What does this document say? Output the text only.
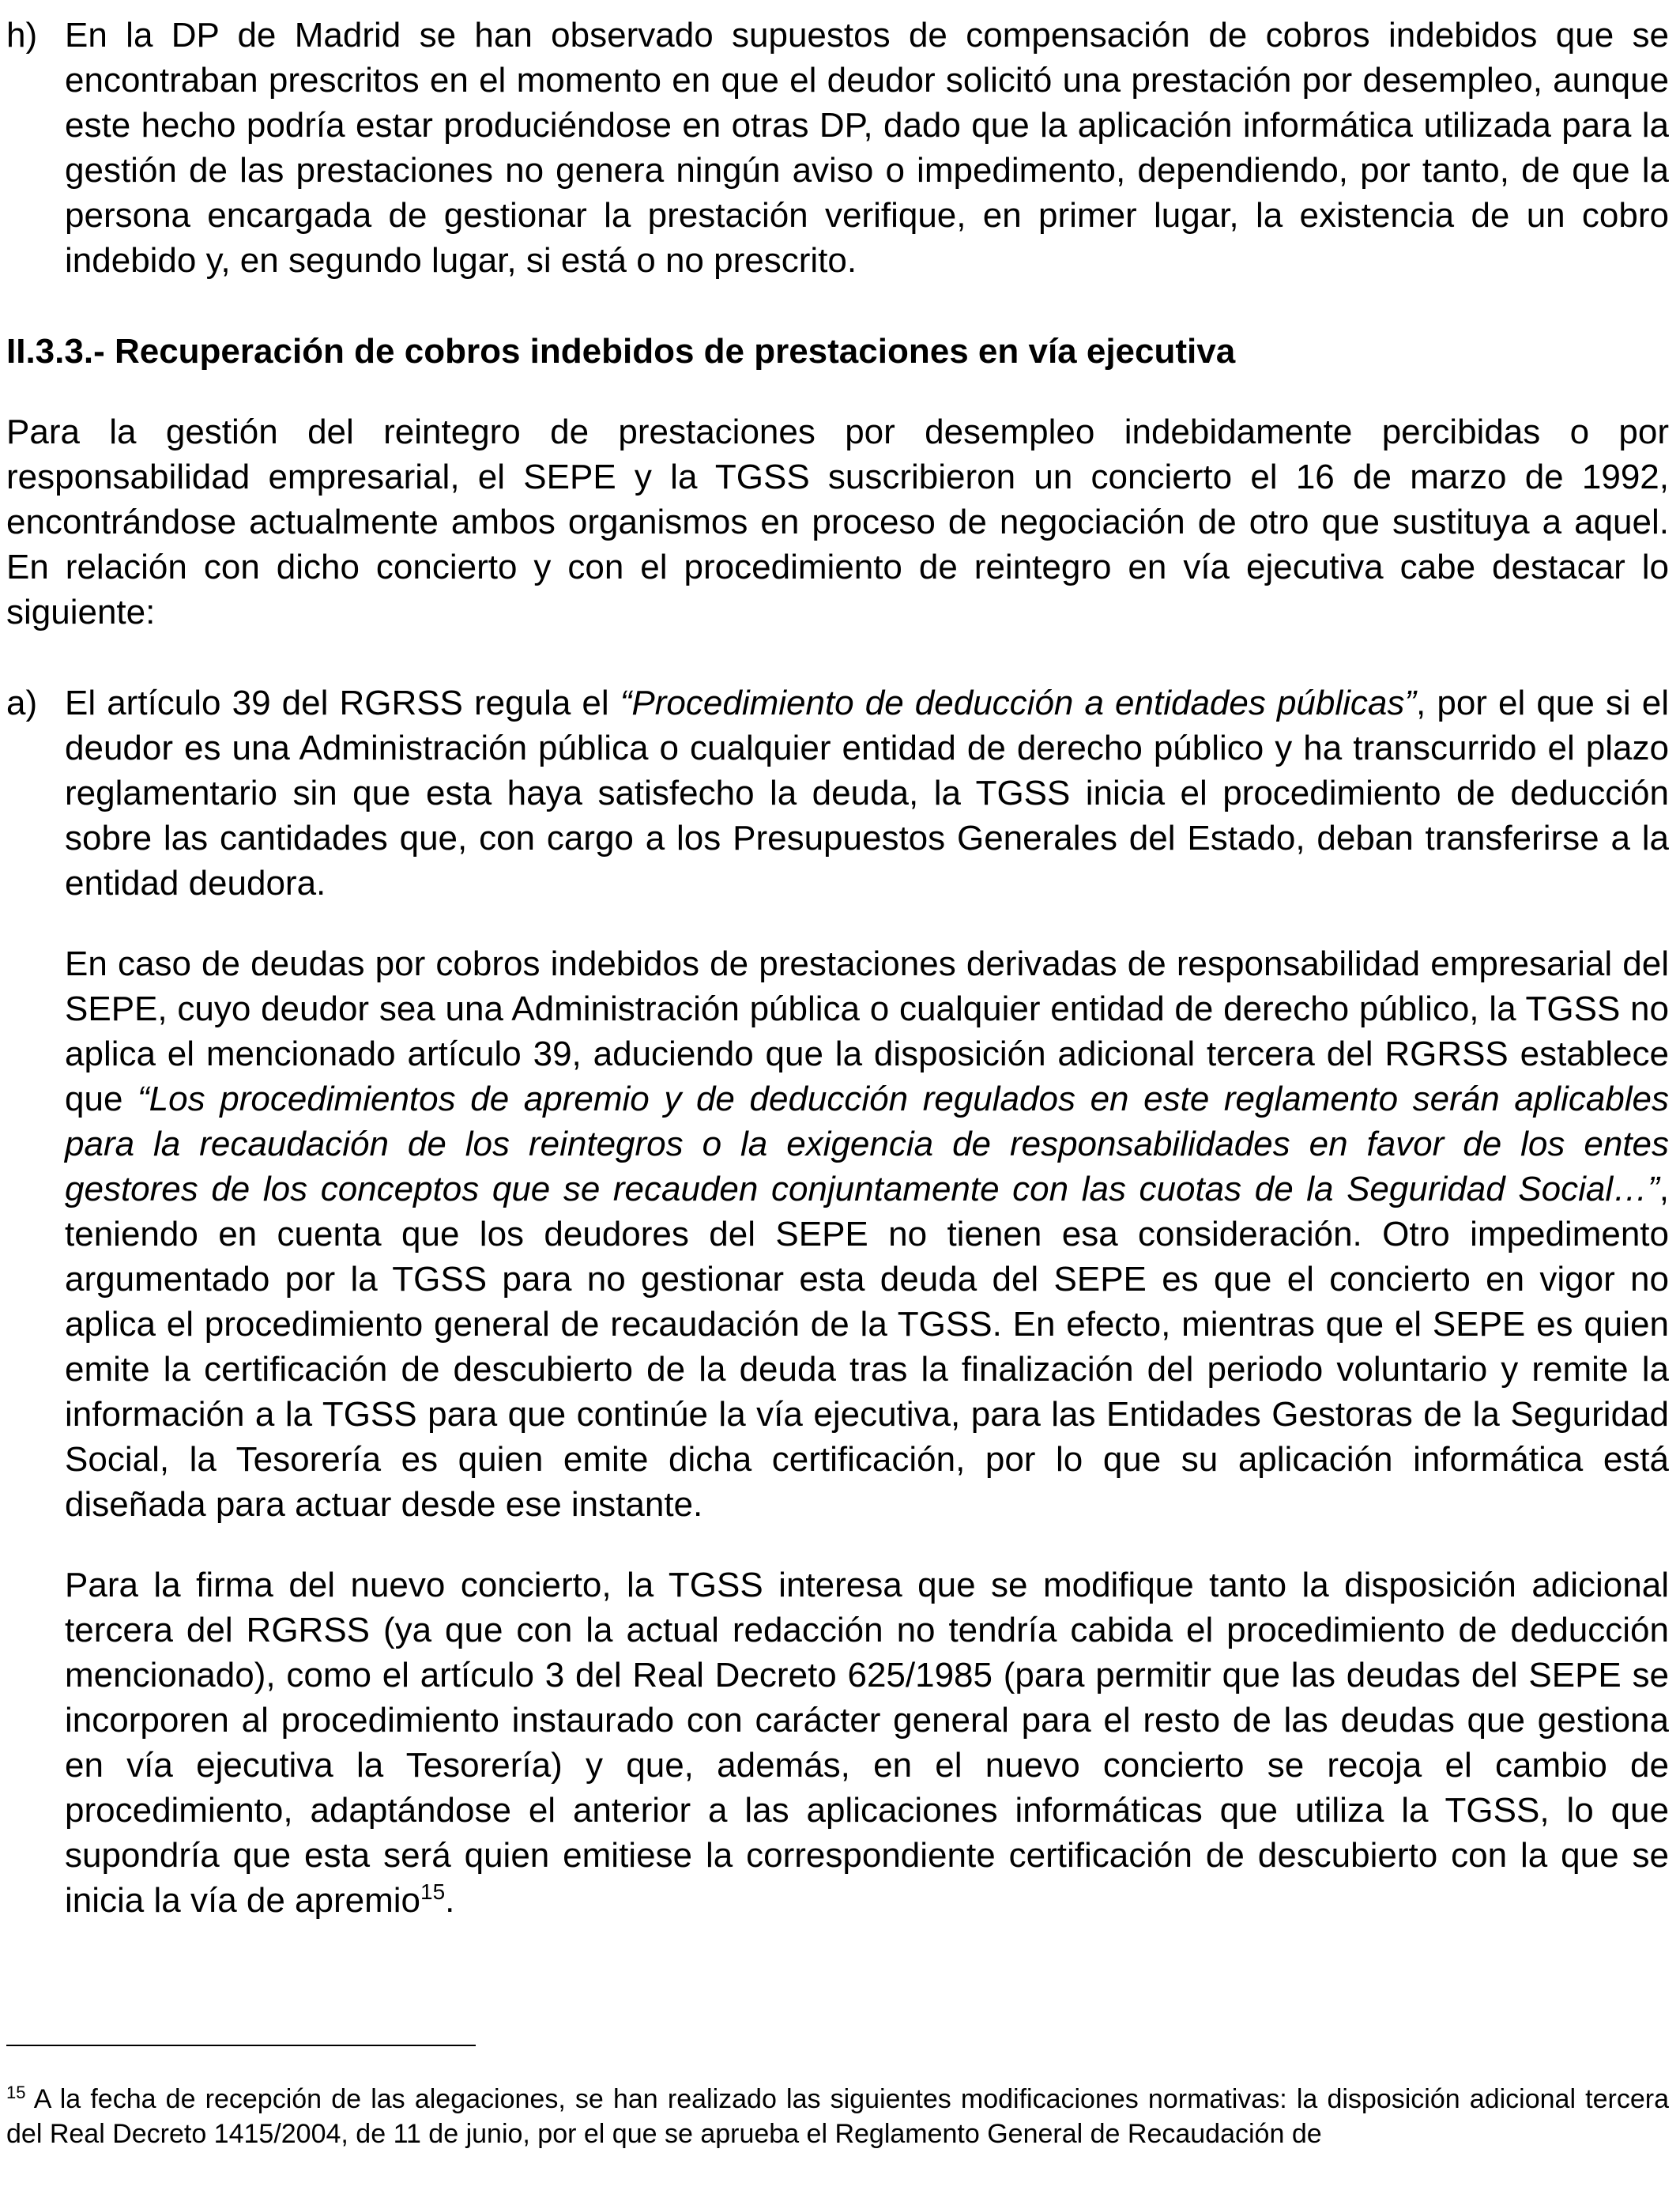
h) En la DP de Madrid se han observado supuestos de compensación de cobros indebidos que se encontraban prescritos en el momento en que el deudor solicitó una prestación por desempleo, aunque este hecho podría estar produciéndose en otras DP, dado que la aplicación informática utilizada para la gestión de las prestaciones no genera ningún aviso o impedimento, dependiendo, por tanto, de que la persona encargada de gestionar la prestación verifique, en primer lugar, la existencia de un cobro indebido y, en segundo lugar, si está o no prescrito.
II.3.3.- Recuperación de cobros indebidos de prestaciones en vía ejecutiva

Para la gestión del reintegro de prestaciones por desempleo indebidamente percibidas o por responsabilidad empresarial, el SEPE y la TGSS suscribieron un concierto el 16 de marzo de 1992, encontrándose actualmente ambos organismos en proceso de negociación de otro que sustituya a aquel. En relación con dicho concierto y con el procedimiento de reintegro en vía ejecutiva cabe destacar lo siguiente:

a) El artículo 39 del RGRSS regula el “Procedimiento de deducción a entidades públicas”, por el que si el deudor es una Administración pública o cualquier entidad de derecho público y ha transcurrido el plazo reglamentario sin que esta haya satisfecho la deuda, la TGSS inicia el procedimiento de deducción sobre las cantidades que, con cargo a los Presupuestos Generales del Estado, deban transferirse a la entidad deudora.

En caso de deudas por cobros indebidos de prestaciones derivadas de responsabilidad empresarial del SEPE, cuyo deudor sea una Administración pública o cualquier entidad de derecho público, la TGSS no aplica el mencionado artículo 39, aduciendo que la disposición adicional tercera del RGRSS establece que “Los procedimientos de apremio y de deducción regulados en este reglamento serán aplicables para la recaudación de los reintegros o la exigencia de responsabilidades en favor de los entes gestores de los conceptos que se recauden conjuntamente con las cuotas de la Seguridad Social…”, teniendo en cuenta que los deudores del SEPE no tienen esa consideración. Otro impedimento argumentado por la TGSS para no gestionar esta deuda del SEPE es que el concierto en vigor no aplica el procedimiento general de recaudación de la TGSS. En efecto, mientras que el SEPE es quien emite la certificación de descubierto de la deuda tras la finalización del periodo voluntario y remite la información a la TGSS para que continúe la vía ejecutiva, para las Entidades Gestoras de la Seguridad Social, la Tesorería es quien emite dicha certificación, por lo que su aplicación informática está diseñada para actuar desde ese instante.

Para la firma del nuevo concierto, la TGSS interesa que se modifique tanto la disposición adicional tercera del RGRSS (ya que con la actual redacción no tendría cabida el procedimiento de deducción mencionado), como el artículo 3 del Real Decreto 625/1985 (para permitir que las deudas del SEPE se incorporen al procedimiento instaurado con carácter general para el resto de las deudas que gestiona en vía ejecutiva la Tesorería) y que, además, en el nuevo concierto se recoja el cambio de procedimiento, adaptándose el anterior a las aplicaciones informáticas que utiliza la TGSS, lo que supondría que esta será quien emitiese la correspondiente certificación de descubierto con la que se inicia la vía de apremio$^{15}$.

$^{15}$ A la fecha de recepción de las alegaciones, se han realizado las siguientes modificaciones normativas: la disposición adicional tercera del Real Decreto 1415/2004, de 11 de junio, por el que se aprueba el Reglamento General de Recaudación de
